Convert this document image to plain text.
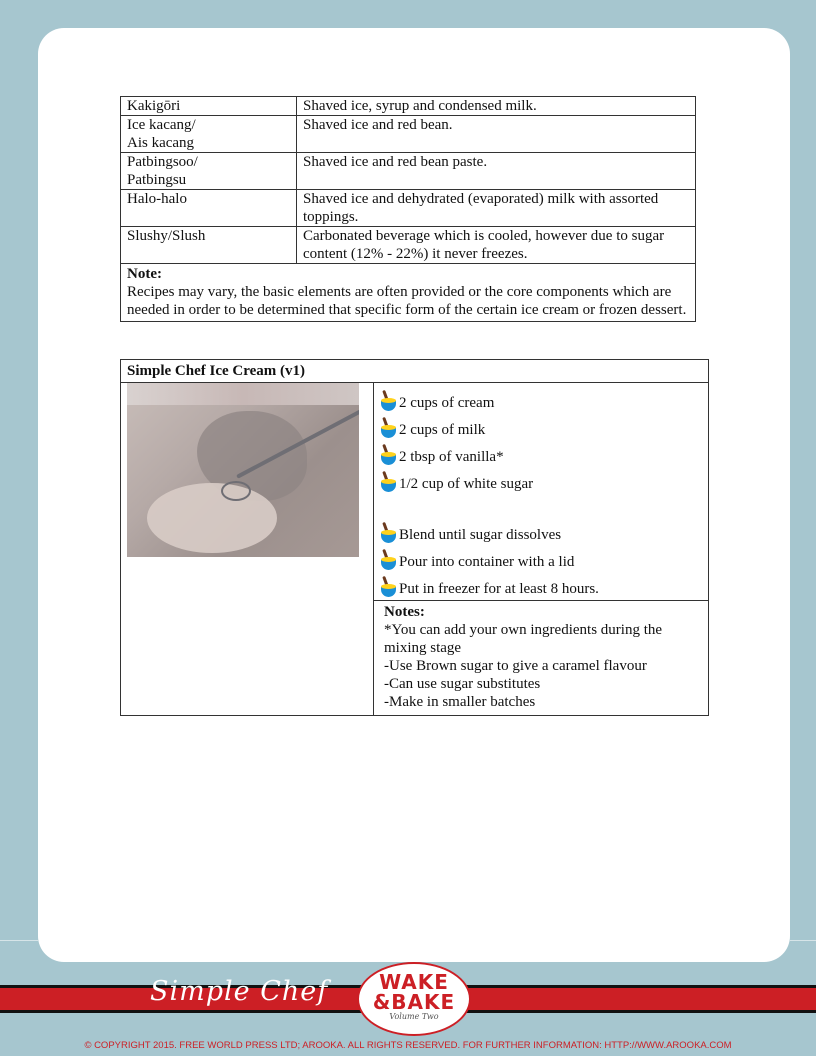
Kakigōri	Shaved ice, syrup and condensed milk.
Ice kacang/
Ais kacang	Shaved ice and red bean.
Patbingsoo/
Patbingsu	Shaved ice and red bean paste.
Halo-halo	Shaved ice and dehydrated (evaporated) milk with assorted toppings.
Slushy/Slush	Carbonated beverage which is cooled, however due to sugar content (12% - 22%) it never freezes.

Note:
Recipes may vary, the basic elements are often provided or the core components which are needed in order to be determined that specific form of the certain ice cream or frozen dessert.	
Simple Chef Ice Cream (v1)

2 cups of cream
2 cups of milk
2 tbsp of vanilla*
1/2 cup of white sugar
Blend until sugar dissolves
Pour into container with a lid
Put in freezer for at least 8 hours.

Notes:
*You can add your own ingredients during the mixing stage
-Use Brown sugar to give a caramel flavour
-Can use sugar substitutes
-Make in smaller batches
Simple Chef	WAKE
&BAKE
Volume Two
© COPYRIGHT 2015. FREE WORLD PRESS LTD; AROOKA. ALL RIGHTS RESERVED. FOR FURTHER INFORMATION: HTTP://WWW.AROOKA.COM
